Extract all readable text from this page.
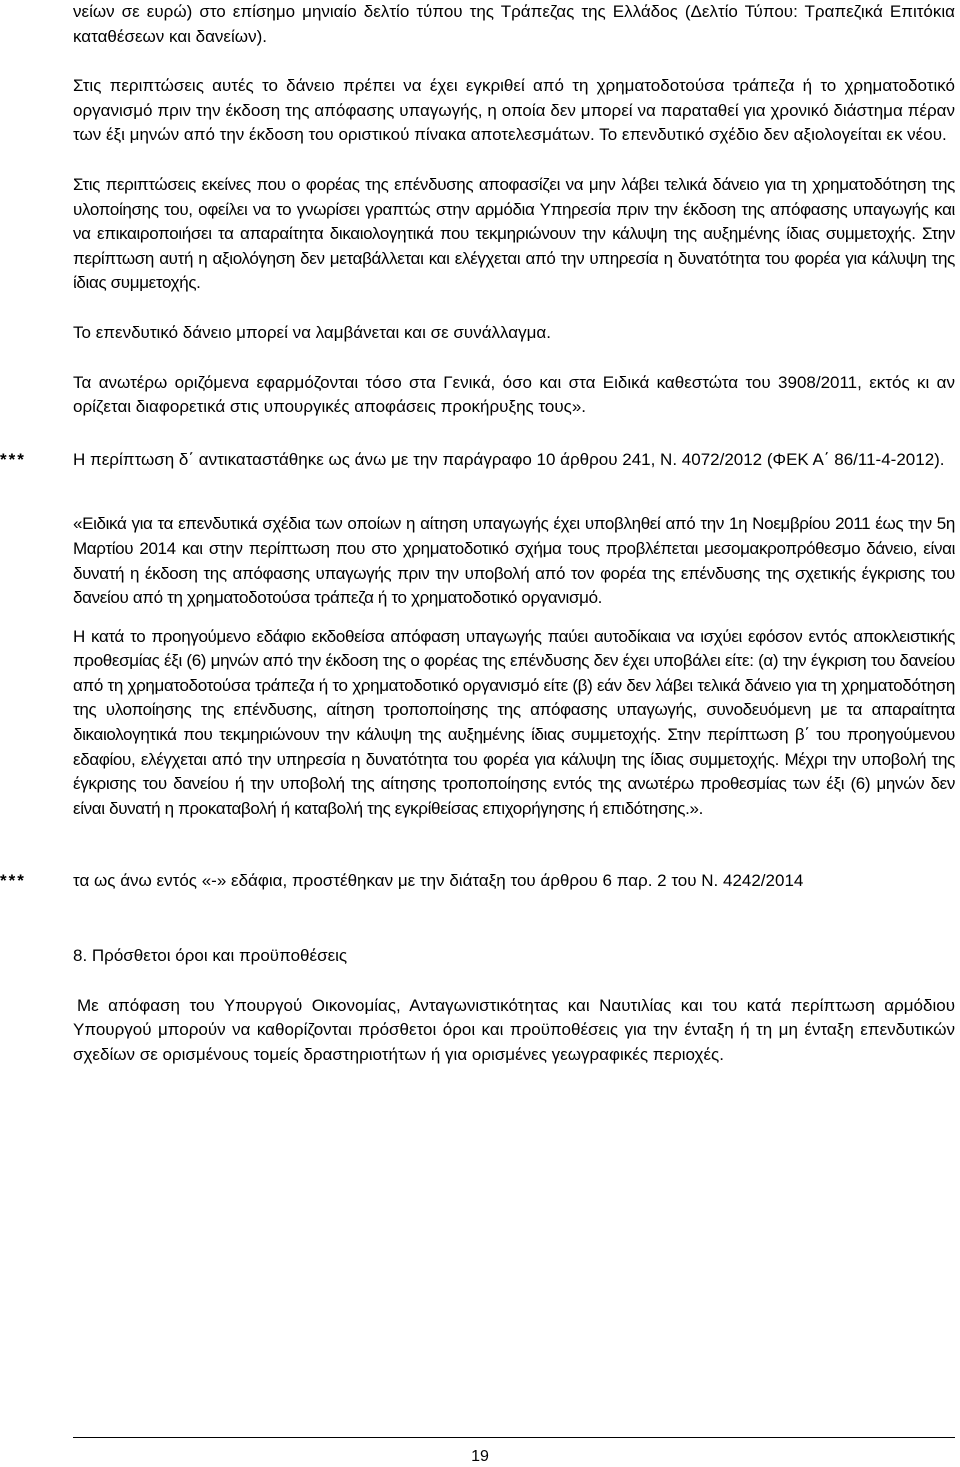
νείων σε ευρώ) στο επίσημο μηνιαίο δελτίο τύπου της Τράπεζας της Ελλάδος (Δελτίο Τύπου: Τραπεζικά Επιτόκια καταθέσεων και δανείων).

Στις περιπτώσεις αυτές το δάνειο πρέπει να έχει εγκριθεί από τη χρηματοδοτούσα τράπεζα ή το χρηματοδοτικό οργανισμό πριν την έκδοση της απόφασης υπαγωγής, η οποία δεν μπορεί να παραταθεί για χρονικό διάστημα πέραν των έξι μηνών από την έκδοση του οριστικού πίνακα αποτελεσμάτων. Το επενδυτικό σχέδιο δεν αξιολογείται εκ νέου.

Στις περιπτώσεις εκείνες που ο φορέας της επένδυσης αποφασίζει να μην λάβει τελικά δάνειο για τη χρηματοδότηση της υλοποίησης του, οφείλει να το γνωρίσει γραπτώς στην αρμόδια Υπηρεσία πριν την έκδοση της απόφασης υπαγωγής και να επικαιροποιήσει τα απαραίτητα δικαιολογητικά που τεκμηριώνουν την κάλυψη της αυξημένης ίδιας συμμετοχής. Στην περίπτωση αυτή η αξιολόγηση δεν μεταβάλλεται και ελέγχεται από την υπηρεσία η δυνατότητα του φορέα για κάλυψη της ίδιας συμμετοχής.

Το επενδυτικό δάνειο μπορεί να λαμβάνεται και σε συνάλλαγμα.

Τα ανωτέρω οριζόμενα εφαρμόζονται τόσο στα Γενικά, όσο και στα Ειδικά καθεστώτα του 3908/2011, εκτός κι αν ορίζεται διαφορετικά στις υπουργικές αποφάσεις προκήρυξης τους».

***	Η περίπτωση δ΄ αντικαταστάθηκε ως άνω με την παράγραφο 10 άρθρου 241, Ν. 4072/2012 (ΦΕΚ Α΄ 86/11-4-2012).

«Ειδικά για τα επενδυτικά σχέδια των οποίων η αίτηση υπαγωγής έχει υποβληθεί από την 1η Νοεμβρίου 2011 έως την 5η Μαρτίου 2014 και στην περίπτωση που στο χρηματοδοτικό σχήμα τους προβλέπεται μεσομακροπρόθεσμο δάνειο, είναι δυνατή η έκδοση της απόφασης υπαγωγής πριν την υποβολή από τον φορέα της επένδυσης της σχετικής έγκρισης του δανείου από τη χρηματοδοτούσα τράπεζα ή το χρηματοδοτικό οργανισμό.

Η κατά το προηγούμενο εδάφιο εκδοθείσα απόφαση υπαγωγής παύει αυτοδίκαια να ισχύει εφόσον εντός αποκλειστικής προθεσμίας έξι (6) μηνών από την έκδοση της ο φορέας της επένδυσης δεν έχει υποβάλει είτε: (α) την έγκριση του δανείου από τη χρηματοδοτούσα τράπεζα ή το χρηματοδοτικό οργανισμό είτε (β) εάν δεν λάβει τελικά δάνειο για τη χρηματοδότηση της υλοποίησης της επένδυσης, αίτηση τροποποίησης της απόφασης υπαγωγής, συνοδευόμενη με τα απαραίτητα δικαιολογητικά που τεκμηριώνουν την κάλυψη της αυξημένης ίδιας συμμετοχής. Στην περίπτωση β΄ του προηγούμενου εδαφίου, ελέγχεται από την υπηρεσία η δυνατότητα του φορέα για κάλυψη της ίδιας συμμετοχής. Μέχρι την υποβολή της έγκρισης του δανείου ή την υποβολή της αίτησης τροποποίησης εντός της ανωτέρω προθεσμίας των έξι (6) μηνών δεν είναι δυνατή η προκαταβολή ή καταβολή της εγκρίθείσας επιχορήγησης ή επιδότησης.».

***	τα ως άνω εντός «-» εδάφια, προστέθηκαν με την διάταξη του άρθρου 6 παρ. 2 του Ν. 4242/2014

8. Πρόσθετοι όροι και προϋποθέσεις

Με απόφαση του Υπουργού Οικονομίας, Ανταγωνιστικότητας και Ναυτιλίας και του κατά περίπτωση αρμόδιου Υπουργού μπορούν να καθορίζονται πρόσθετοι όροι και προϋποθέσεις για την ένταξη ή τη μη ένταξη επενδυτικών σχεδίων σε ορισμένους τομείς δραστηριοτήτων ή για ορισμένες γεωγραφικές περιοχές.

19
